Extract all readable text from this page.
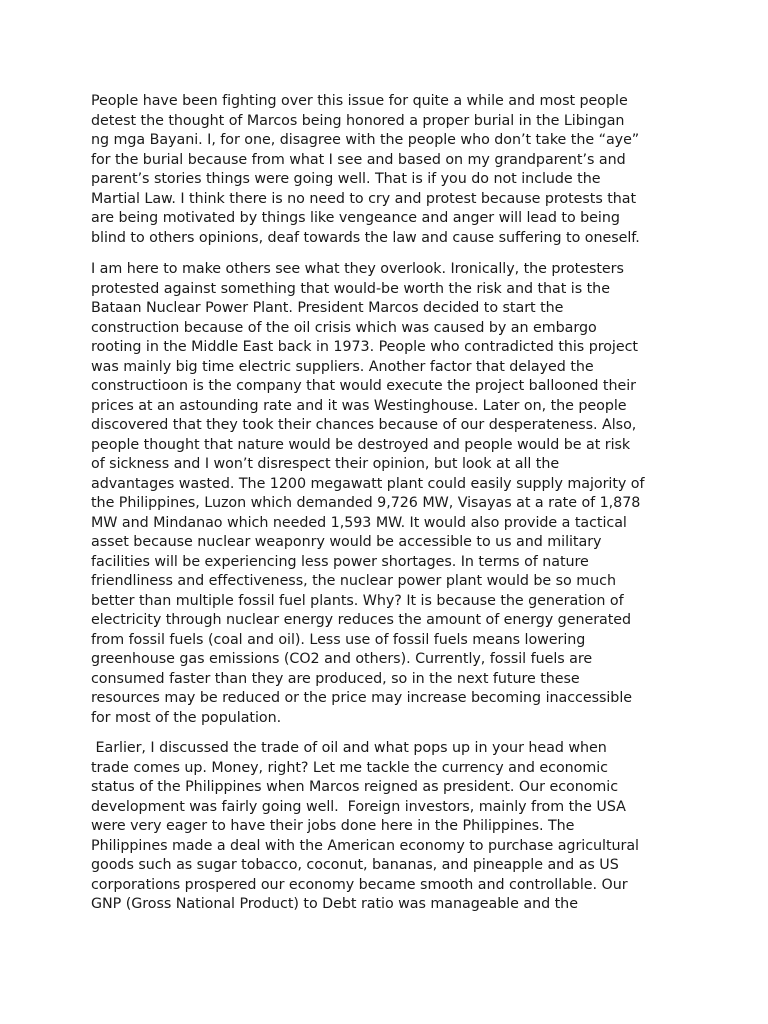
People have been fighting over this issue for quite a while and most people
detest the thought of Marcos being honored a proper burial in the Libingan
ng mga Bayani. I, for one, disagree with the people who don’t take the “aye”
for the burial because from what I see and based on my grandparent’s and
parent’s stories things were going well. That is if you do not include the
Martial Law. I think there is no need to cry and protest because protests that
are being motivated by things like vengeance and anger will lead to being
blind to others opinions, deaf towards the law and cause suffering to oneself.
I am here to make others see what they overlook. Ironically, the protesters
protested against something that would-be worth the risk and that is the
Bataan Nuclear Power Plant. President Marcos decided to start the
construction because of the oil crisis which was caused by an embargo
rooting in the Middle East back in 1973. People who contradicted this project
was mainly big time electric suppliers. Another factor that delayed the
constructioon is the company that would execute the project ballooned their
prices at an astounding rate and it was Westinghouse. Later on, the people
discovered that they took their chances because of our desperateness. Also,
people thought that nature would be destroyed and people would be at risk
of sickness and I won’t disrespect their opinion, but look at all the
advantages wasted. The 1200 megawatt plant could easily supply majority of
the Philippines, Luzon which demanded 9,726 MW, Visayas at a rate of 1,878
MW and Mindanao which needed 1,593 MW. It would also provide a tactical
asset because nuclear weaponry would be accessible to us and military
facilities will be experiencing less power shortages. In terms of nature
friendliness and effectiveness, the nuclear power plant would be so much
better than multiple fossil fuel plants. Why? It is because the generation of
electricity through nuclear energy reduces the amount of energy generated
from fossil fuels (coal and oil). Less use of fossil fuels means lowering
greenhouse gas emissions (CO2 and others). Currently, fossil fuels are
consumed faster than they are produced, so in the next future these
resources may be reduced or the price may increase becoming inaccessible
for most of the population.
Earlier, I discussed the trade of oil and what pops up in your head when
trade comes up. Money, right? Let me tackle the currency and economic
status of the Philippines when Marcos reigned as president. Our economic
development was fairly going well.  Foreign investors, mainly from the USA
were very eager to have their jobs done here in the Philippines. The
Philippines made a deal with the American economy to purchase agricultural
goods such as sugar tobacco, coconut, bananas, and pineapple and as US
corporations prospered our economy became smooth and controllable. Our
GNP (Gross National Product) to Debt ratio was manageable and the
